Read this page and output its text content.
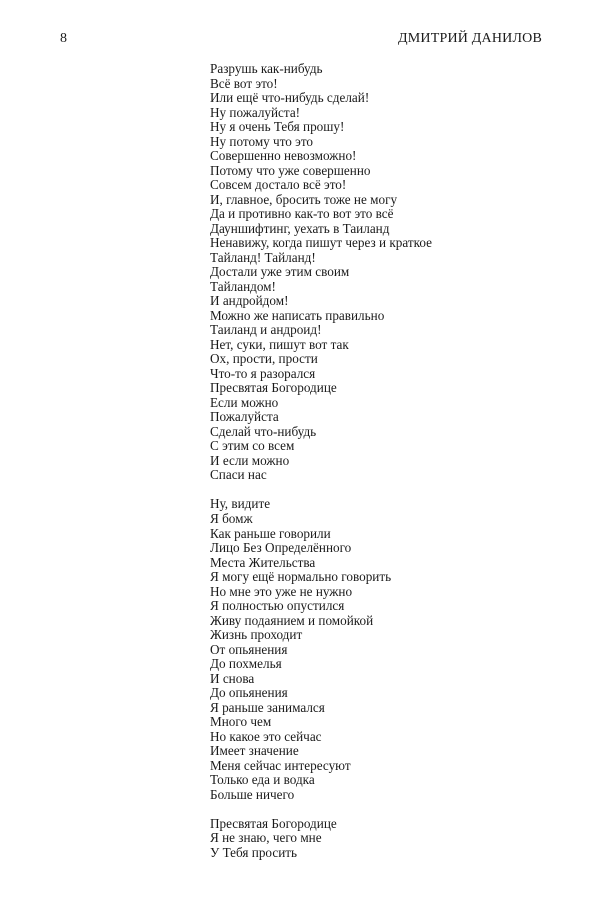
8	ДМИТРИЙ ДАНИЛОВ
Разрушь как-нибудь
Всё вот это!
Или ещё что-нибудь сделай!
Ну пожалуйста!
Ну я очень Тебя прошу!
Ну потому что это
Совершенно невозможно!
Потому что уже совершенно
Совсем достало всё это!
И, главное, бросить тоже не могу
Да и противно как-то вот это всё
Дауншифтинг, уехать в Таиланд
Ненавижу, когда пишут через и краткое
Тайланд! Тайланд!
Достали уже этим своим
Тайландом!
И андройдом!
Можно же написать правильно
Таиланд и андроид!
Нет, суки, пишут вот так
Ох, прости, прости
Что-то я разорался
Пресвятая Богородице
Если можно
Пожалуйста
Сделай что-нибудь
С этим со всем
И если можно
Спаси нас
Ну, видите
Я бомж
Как раньше говорили
Лицо Без Определённого
Места Жительства
Я могу ещё нормально говорить
Но мне это уже не нужно
Я полностью опустился
Живу подаянием и помойкой
Жизнь проходит
От опьянения
До похмелья
И снова
До опьянения
Я раньше занимался
Много чем
Но какое это сейчас
Имеет значение
Меня сейчас интересуют
Только еда и водка
Больше ничего
Пресвятая Богородице
Я не знаю, чего мне
У Тебя просить
